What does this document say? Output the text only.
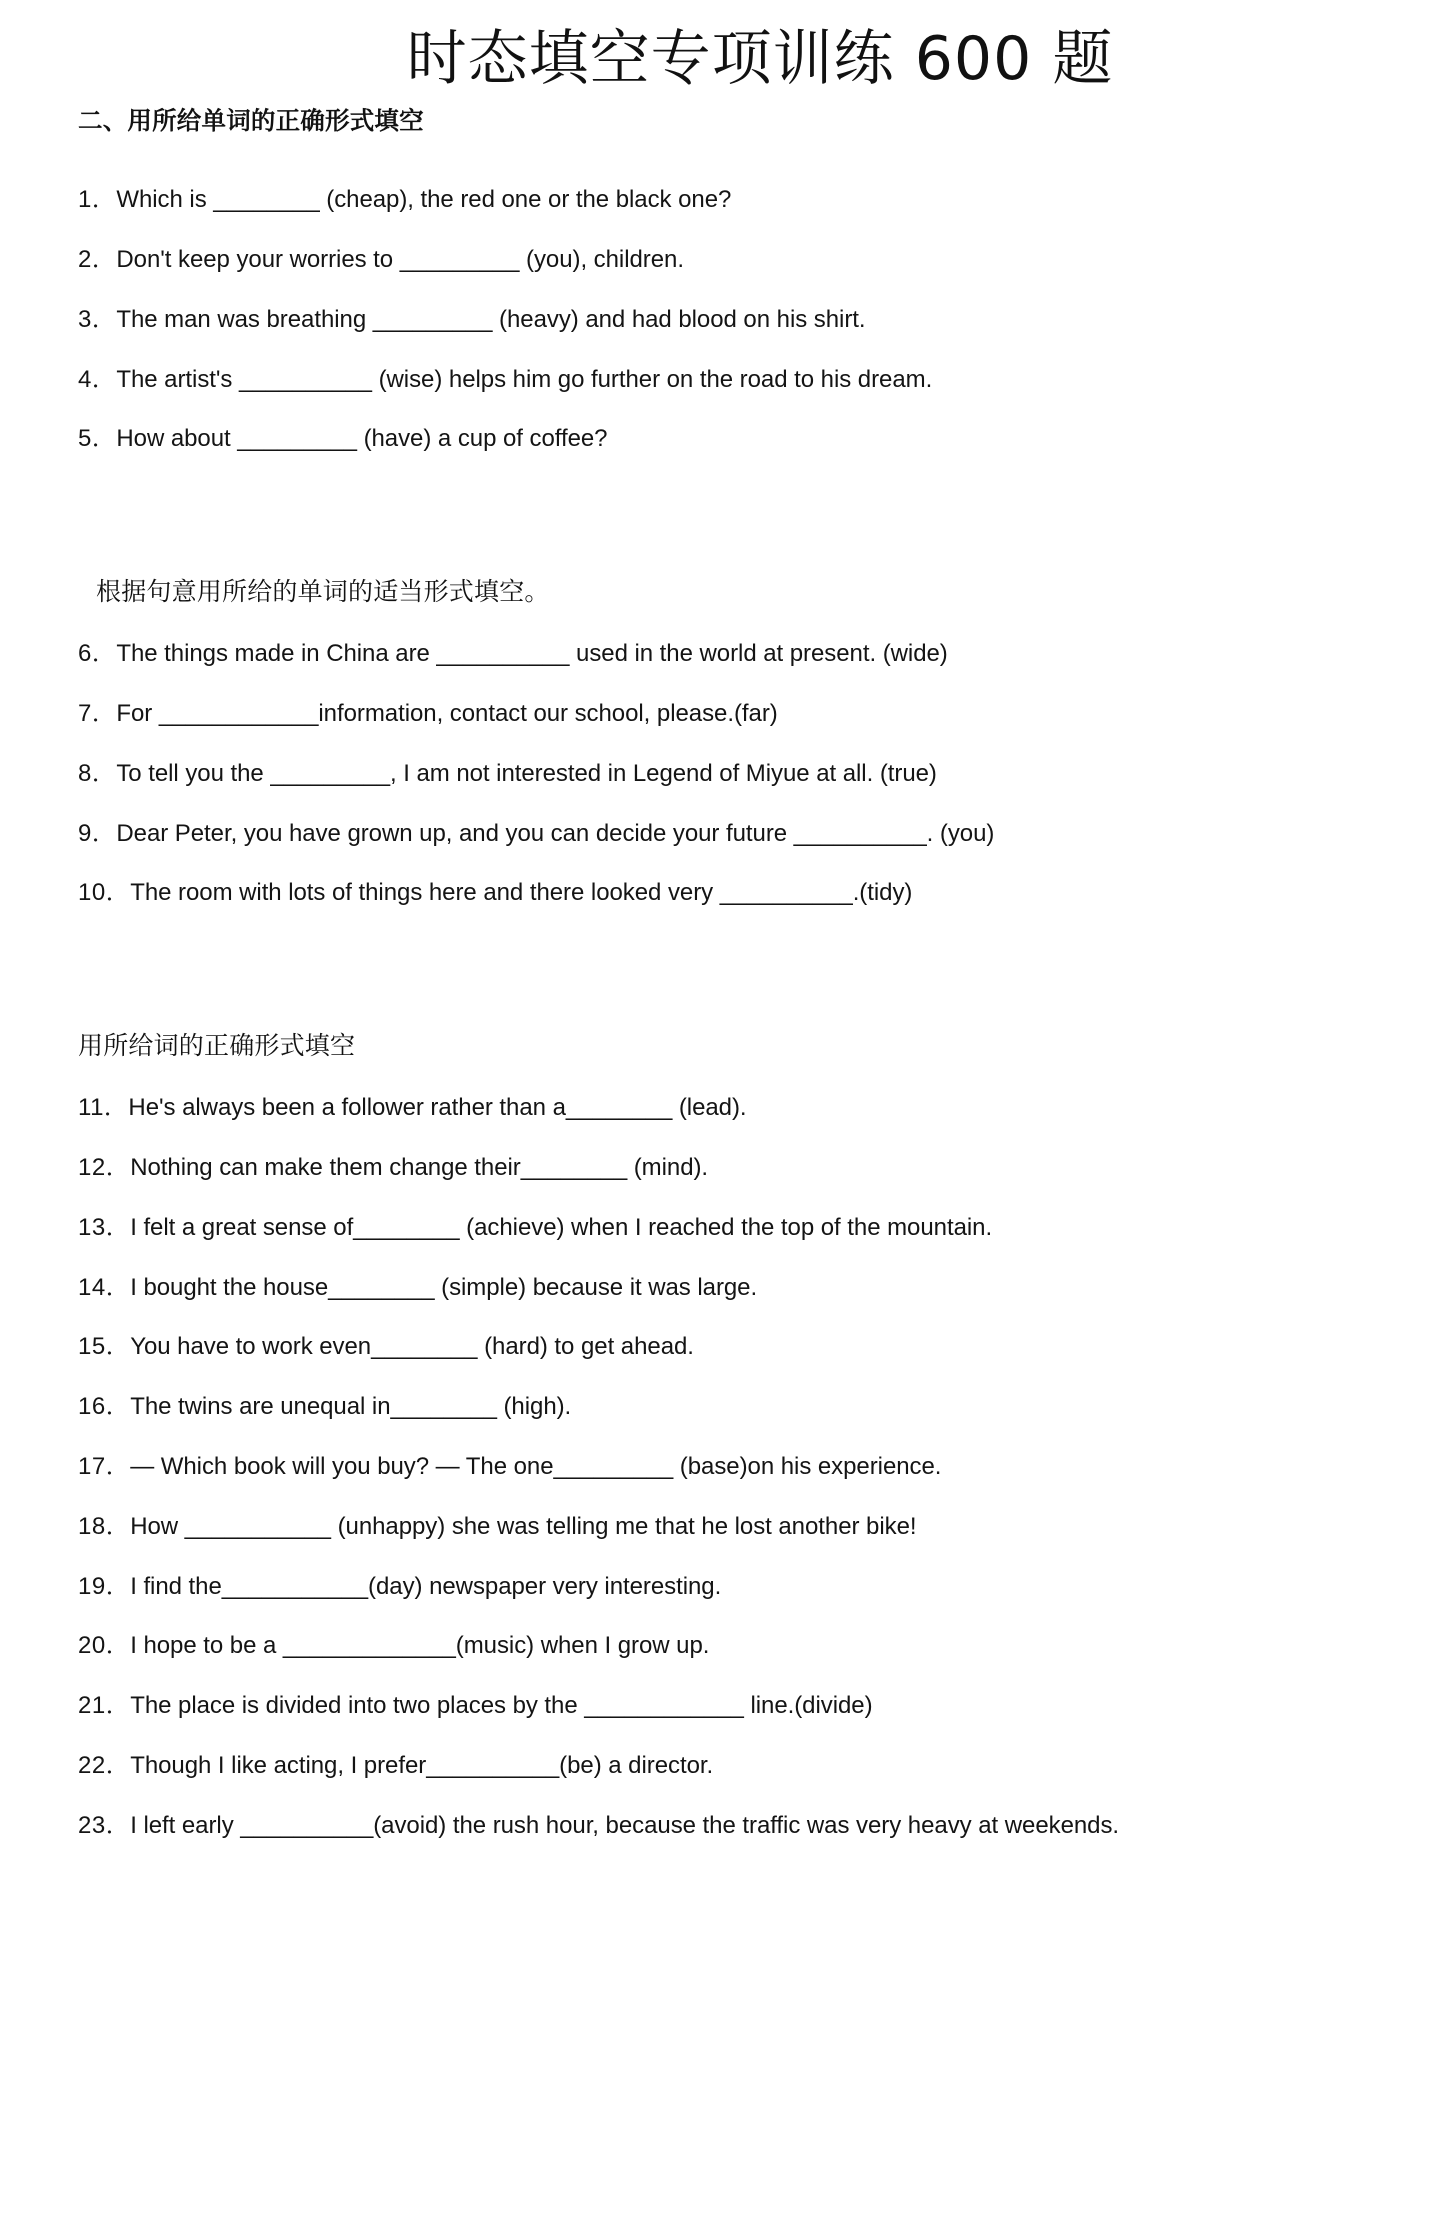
时态填空专项训练 600 题
二、用所给单词的正确形式填空
1．Which is ________ (cheap), the red one or the black one?
2．Don't keep your worries to _________ (you), children.
3．The man was breathing _________ (heavy) and had blood on his shirt.
4．The artist's __________ (wise) helps him go further on the road to his dream.
5．How about _________ (have) a cup of coffee?
根据句意用所给的单词的适当形式填空。
6．The things made in China are __________ used in the world at present. (wide)
7．For ____________information, contact our school, please.(far)
8．To tell you the _________, I am not interested in Legend of Miyue at all. (true)
9．Dear Peter, you have grown up, and you can decide your future __________. (you)
10．The room with lots of things here and there looked very __________.(tidy)
用所给词的正确形式填空
11．He's always been a follower rather than a________ (lead).
12．Nothing can make them change their________ (mind).
13．I felt a great sense of________ (achieve) when I reached the top of the mountain.
14．I bought the house________ (simple) because it was large.
15．You have to work even________ (hard) to get ahead.
16．The twins are unequal in________ (high).
17．— Which book will you buy? — The one_________ (base)on his experience.
18．How ___________ (unhappy) she was telling me that he lost another bike!
19．I find the___________(day) newspaper very interesting.
20．I hope to be a _____________(music) when I grow up.
21．The place is divided into two places by the ____________ line.(divide)
22．Though I like acting, I prefer__________(be) a director.
23．I left early __________(avoid) the rush hour, because the traffic was very heavy at weekends.
